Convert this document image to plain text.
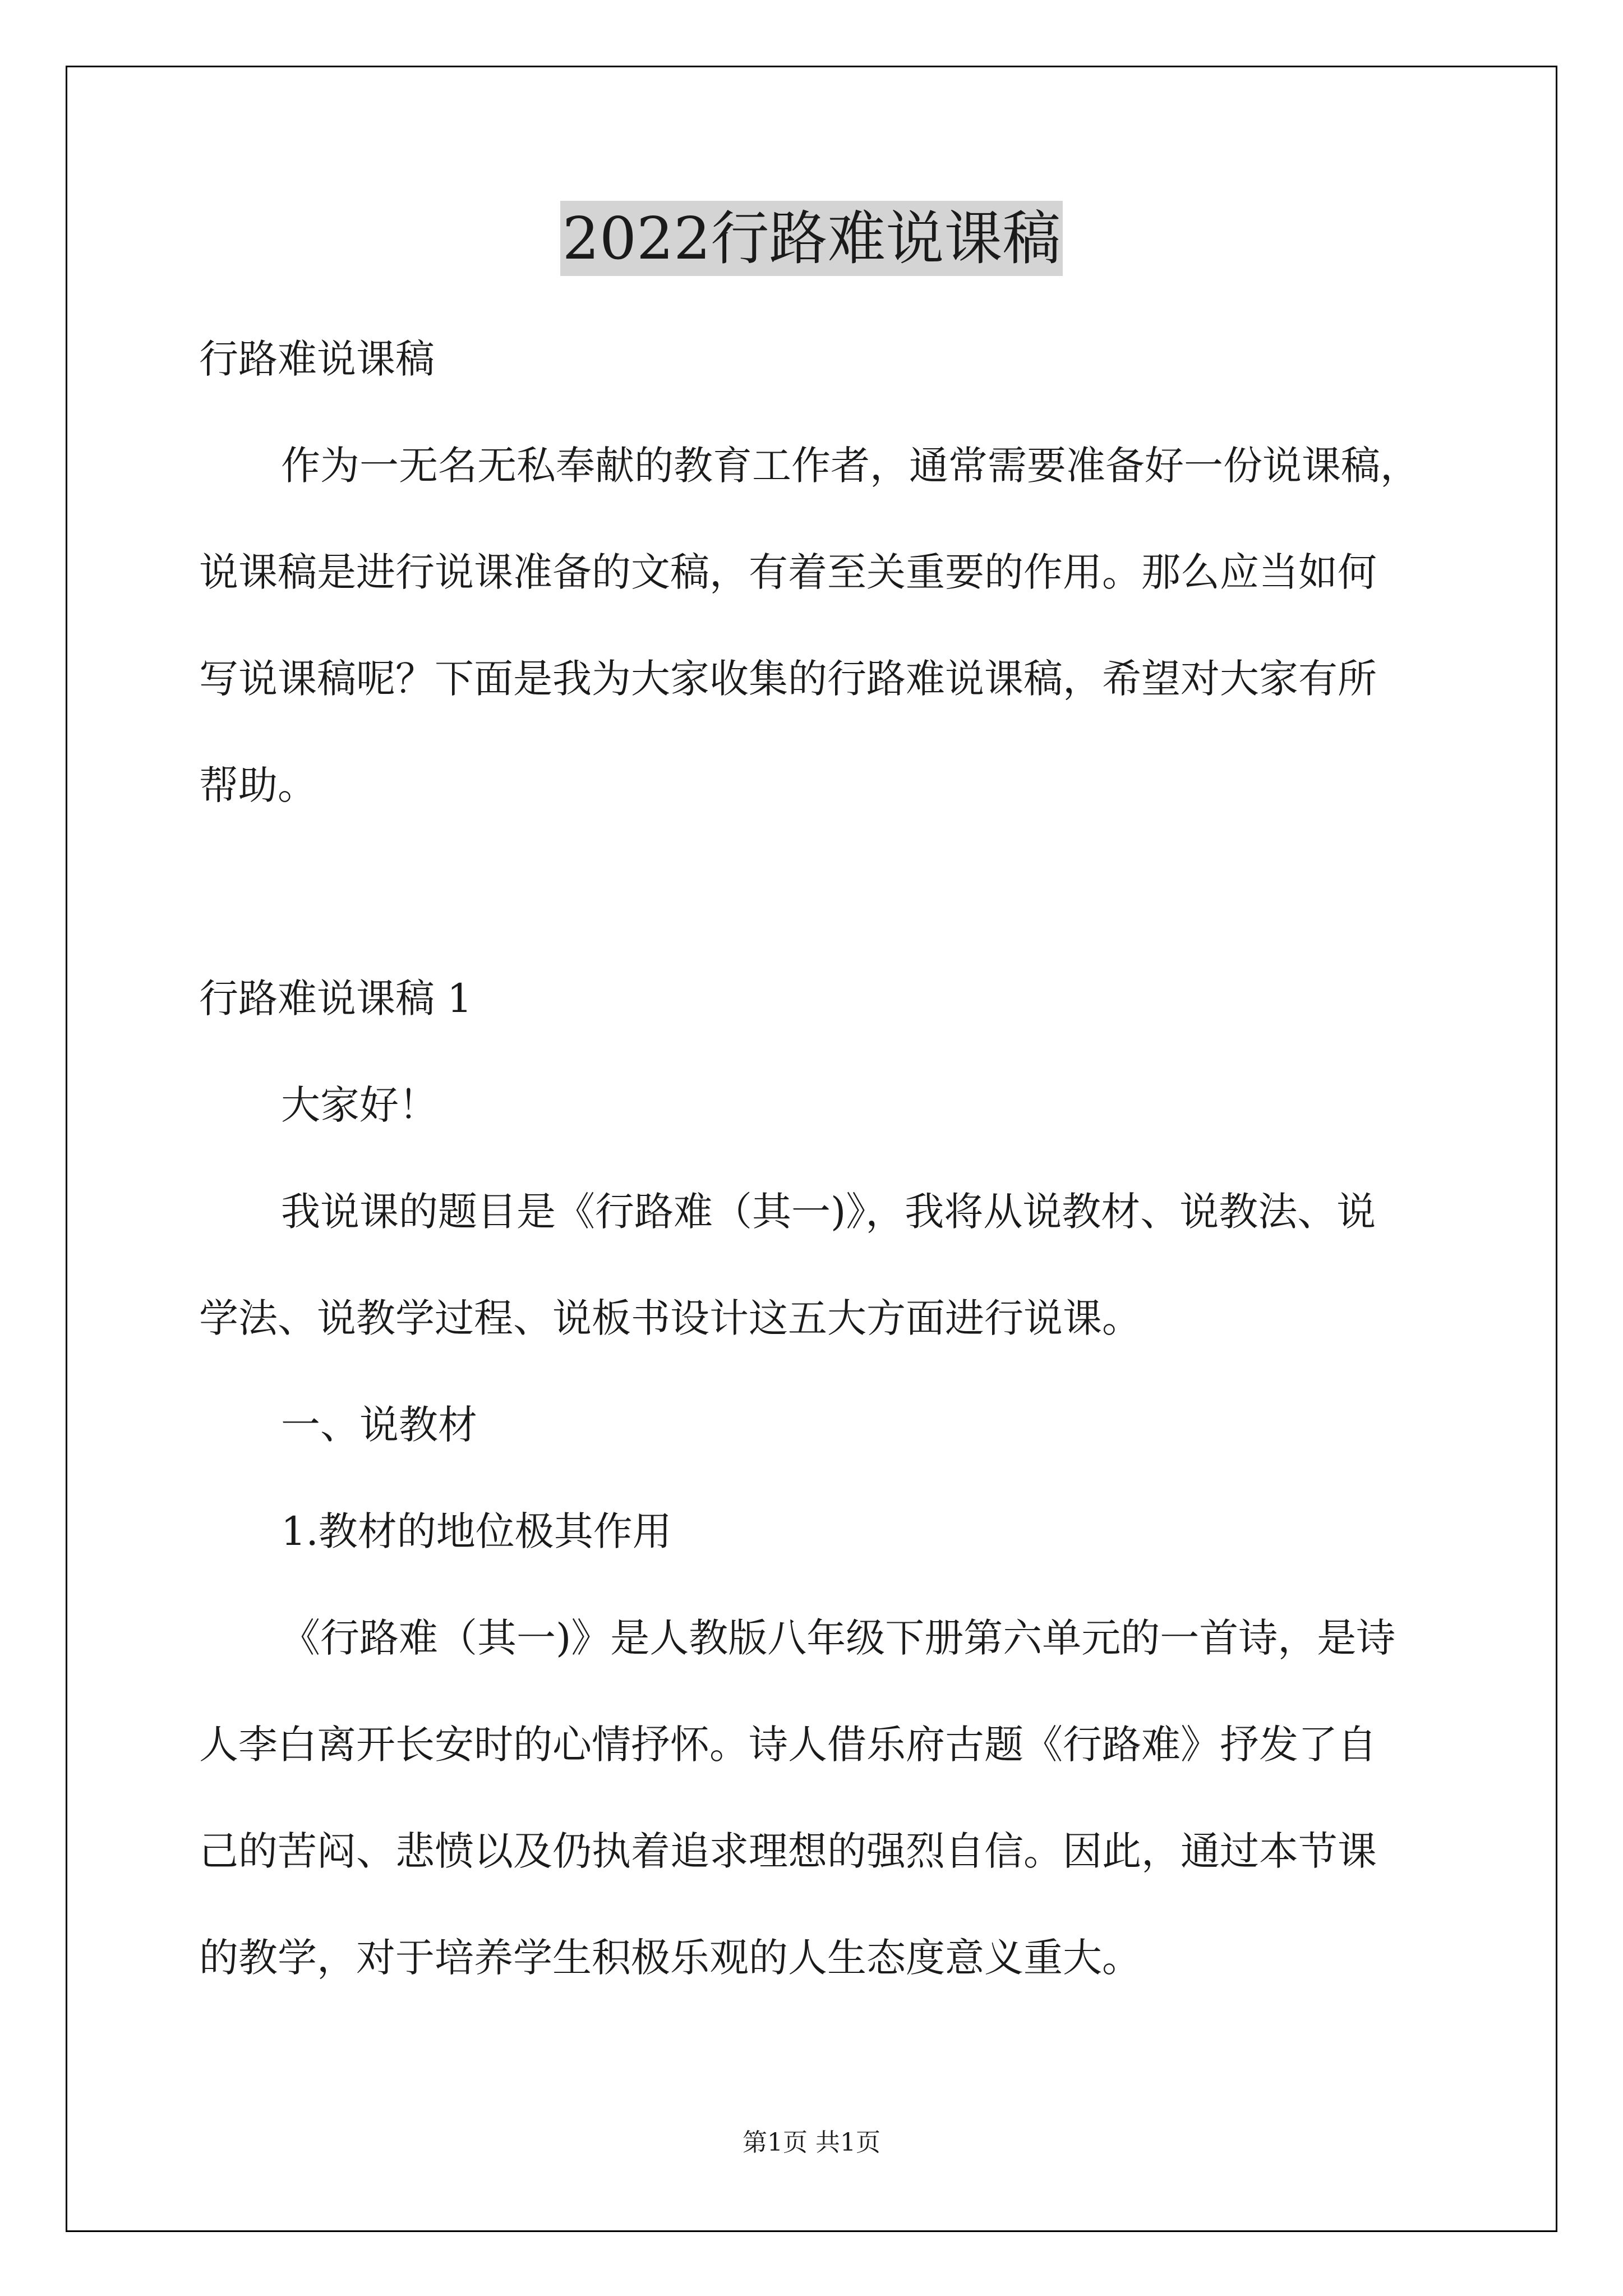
2022行路难说课稿
行路难说课稿
作为一无名无私奉献的教育工作者，通常需要准备好一份说课稿，
说课稿是进行说课准备的文稿，有着至关重要的作用。那么应当如何
写说课稿呢？下面是我为大家收集的行路难说课稿，希望对大家有所
帮助。
行路难说课稿 1
大家好！
我说课的题目是《行路难（其一)》，我将从说教材、说教法、说
学法、说教学过程、说板书设计这五大方面进行说课。
一、说教材
1.教材的地位极其作用
《行路难（其一)》是人教版八年级下册第六单元的一首诗，是诗
人李白离开长安时的心情抒怀。诗人借乐府古题《行路难》抒发了自
己的苦闷、悲愤以及仍执着追求理想的强烈自信。因此，通过本节课
的教学，对于培养学生积极乐观的人生态度意义重大。
第1页 共1页
